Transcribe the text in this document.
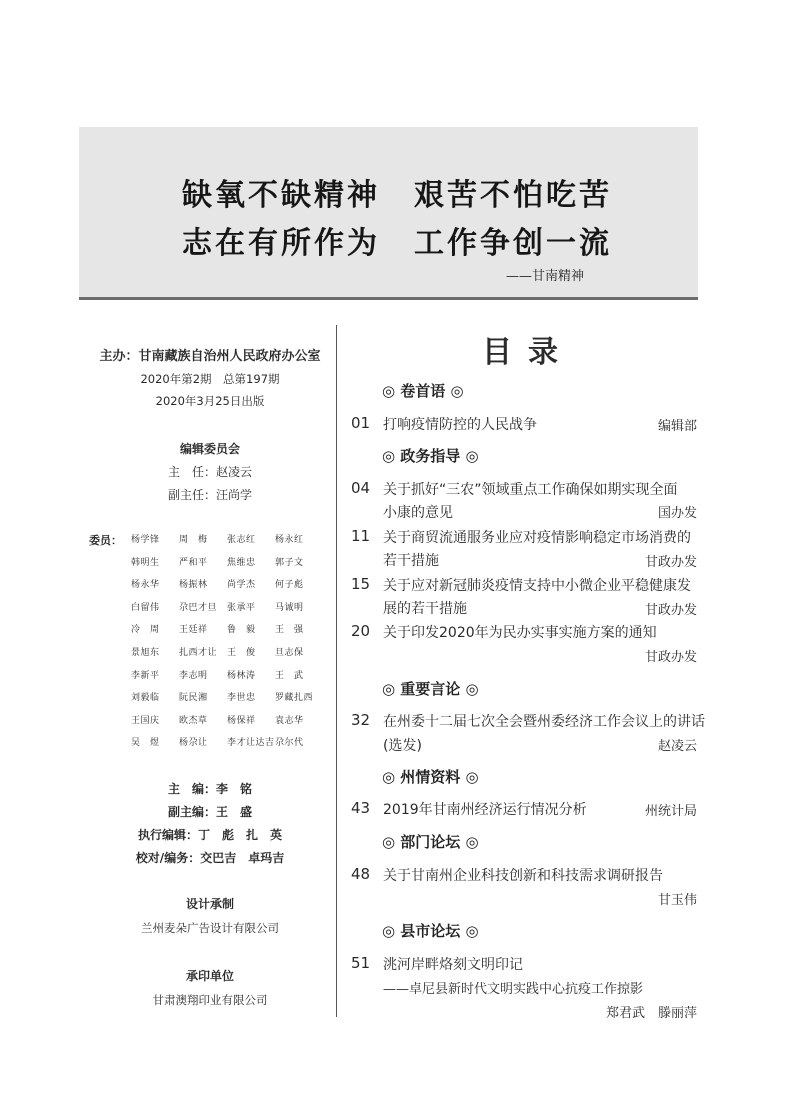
缺氧不缺精神 艰苦不怕吃苦
志在有所作为 工作争创一流
——甘南精神
主办：甘南藏族自治州人民政府办公室
2020年第2期　总第197期
2020年3月25日出版
编辑委员会
主　任：赵凌云
副主任：汪尚学
委员： 杨学锋	周　梅	张志红	杨永红
韩明生	严和平	焦维忠	郭子文
杨永华	杨振林	尚学杰	何子彪
白留伟	尕巴才旦	张承平	马诚明
冷　周	王廷祥	鲁　毅	王　强
景旭东	扎西才让	王　俊	旦志保
李新平	李志明	杨林涛	王　武
刘毅临	阮民湘	李世忠	罗藏扎西
王国庆	欧杰草	杨保祥	袁志华
吴　煜	杨尕让	李才让达吉 尕尔代
主　编：李　铭
副主编：王　盛
执行编辑：丁　彪　扎　英
校对/编务：交巴吉　卓玛吉
设计承制
兰州麦朵广告设计有限公司
承印单位
甘肃澳翔印业有限公司
目录
◎ 卷首语 ◎
01 打响疫情防控的人民战争	编辑部
◎ 政务指导 ◎
04 关于抓好“三农”领域重点工作确保如期实现全面
小康的意见	国办发
11 关于商贸流通服务业应对疫情影响稳定市场消费的
若干措施	甘政办发
15 关于应对新冠肺炎疫情支持中小微企业平稳健康发
展的若干措施	甘政办发
20 关于印发2020年为民办实事实施方案的通知
甘政办发
◎ 重要言论 ◎
32 在州委十二届七次全会暨州委经济工作会议上的讲话
(选发)	赵凌云
◎ 州情资料 ◎
43 2019年甘南州经济运行情况分析	州统计局
◎ 部门论坛 ◎
48 关于甘南州企业科技创新和科技需求调研报告
甘玉伟
◎ 县市论坛 ◎
51 洮河岸畔烙刻文明印记
——卓尼县新时代文明实践中心抗疫工作掠影
郑君武　滕丽萍
